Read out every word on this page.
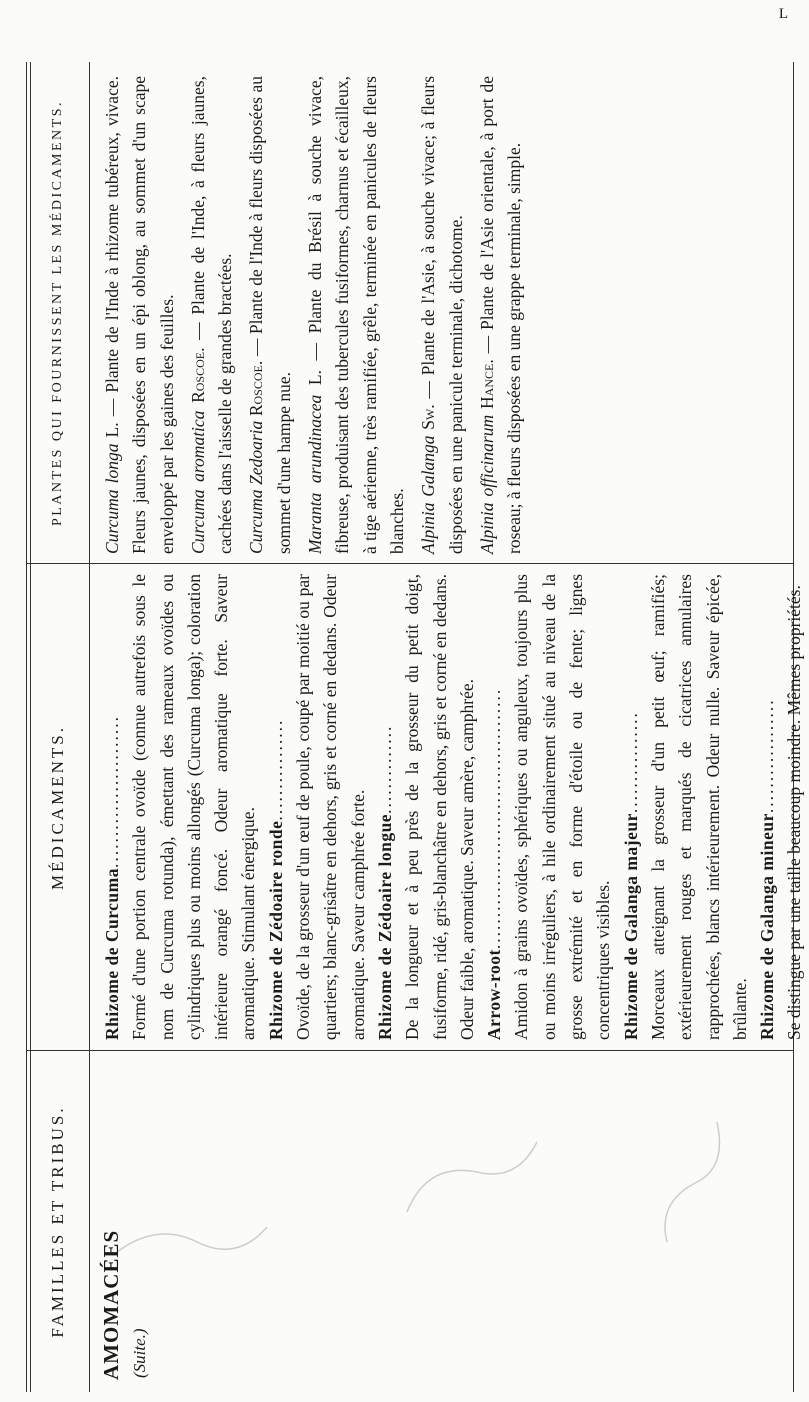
L
FAMILLES ET TRIBUS.
MÉDICAMENTS.
PLANTES QUI FOURNISSENT LES MÉDICAMENTS.
AMOMACÉES (Suite.)

Rhizome de Curcuma........................ Formé d'une portion centrale ovoïde (connue autrefois sous le nom de Curcuma rotunda), émettant des rameaux ovoïdes ou cylindriques plus ou moins allongés (Curcuma longa); coloration intérieure orangé foncé. Odeur aromatique forte. Saveur aromatique. Stimulant énergique. Rhizome de Zédoaire ronde................ Ovoïde, de la grosseur d'un œuf de poule, coupé par moitié ou par quartiers; blanc-grisâtre en dehors, gris et corné en dedans. Odeur aromatique. Saveur camphrée forte. Rhizome de Zédoaire longue.............. De la longueur et à peu près de la grosseur du petit doigt, fusiforme, ridé, gris-blanchâtre en dehors, gris et corné en dedans. Odeur faible, aromatique. Saveur amère, camphrée. Arrow-root......................................... Amidon à grains ovoïdes, sphériques ou anguleux, toujours plus ou moins irréguliers, à hile ordinairement situé au niveau de la grosse extrémité et en forme d'étoile ou de fente; lignes concentriques visibles. Rhizome de Galanga majeur................ Morceaux atteignant la grosseur d'un petit œuf; ramifiés; extérieurement rouges et marqués de cicatrices annulaires rapprochées, blancs intérieurement. Odeur nulle. Saveur épicée, brûlante. Rhizome de Galanga mineur.................. Se distingue par une taille beaucoup moindre. Mêmes propriétés.

Curcuma longa L. — Plante de l'Inde à rhizome tubéreux, vivace. Fleurs jaunes, disposées en un épi oblong, au sommet d'un scape enveloppé par les gaines des feuilles. Curcuma aromatica Roscoe. — Plante de l'Inde, à fleurs jaunes, cachées dans l'aisselle de grandes bractées. Curcuma Zedoaria Roscoe. — Plante de l'Inde à fleurs disposées au sommet d'une hampe nue. Maranta arundinacea L. — Plante du Brésil à souche vivace, fibreuse, produisant des tubercules fusiformes, charnus et écailleux, à tige aérienne, très ramifiée, grêle, terminée en panicules de fleurs blanches. Alpinia Galanga Sw. — Plante de l'Asie, à souche vivace; à fleurs disposées en une panicule terminale, dichotome. Alpinia officinarum Hance. — Plante de l'Asie orientale, à port de roseau; à fleurs disposées en une grappe terminale, simple.
